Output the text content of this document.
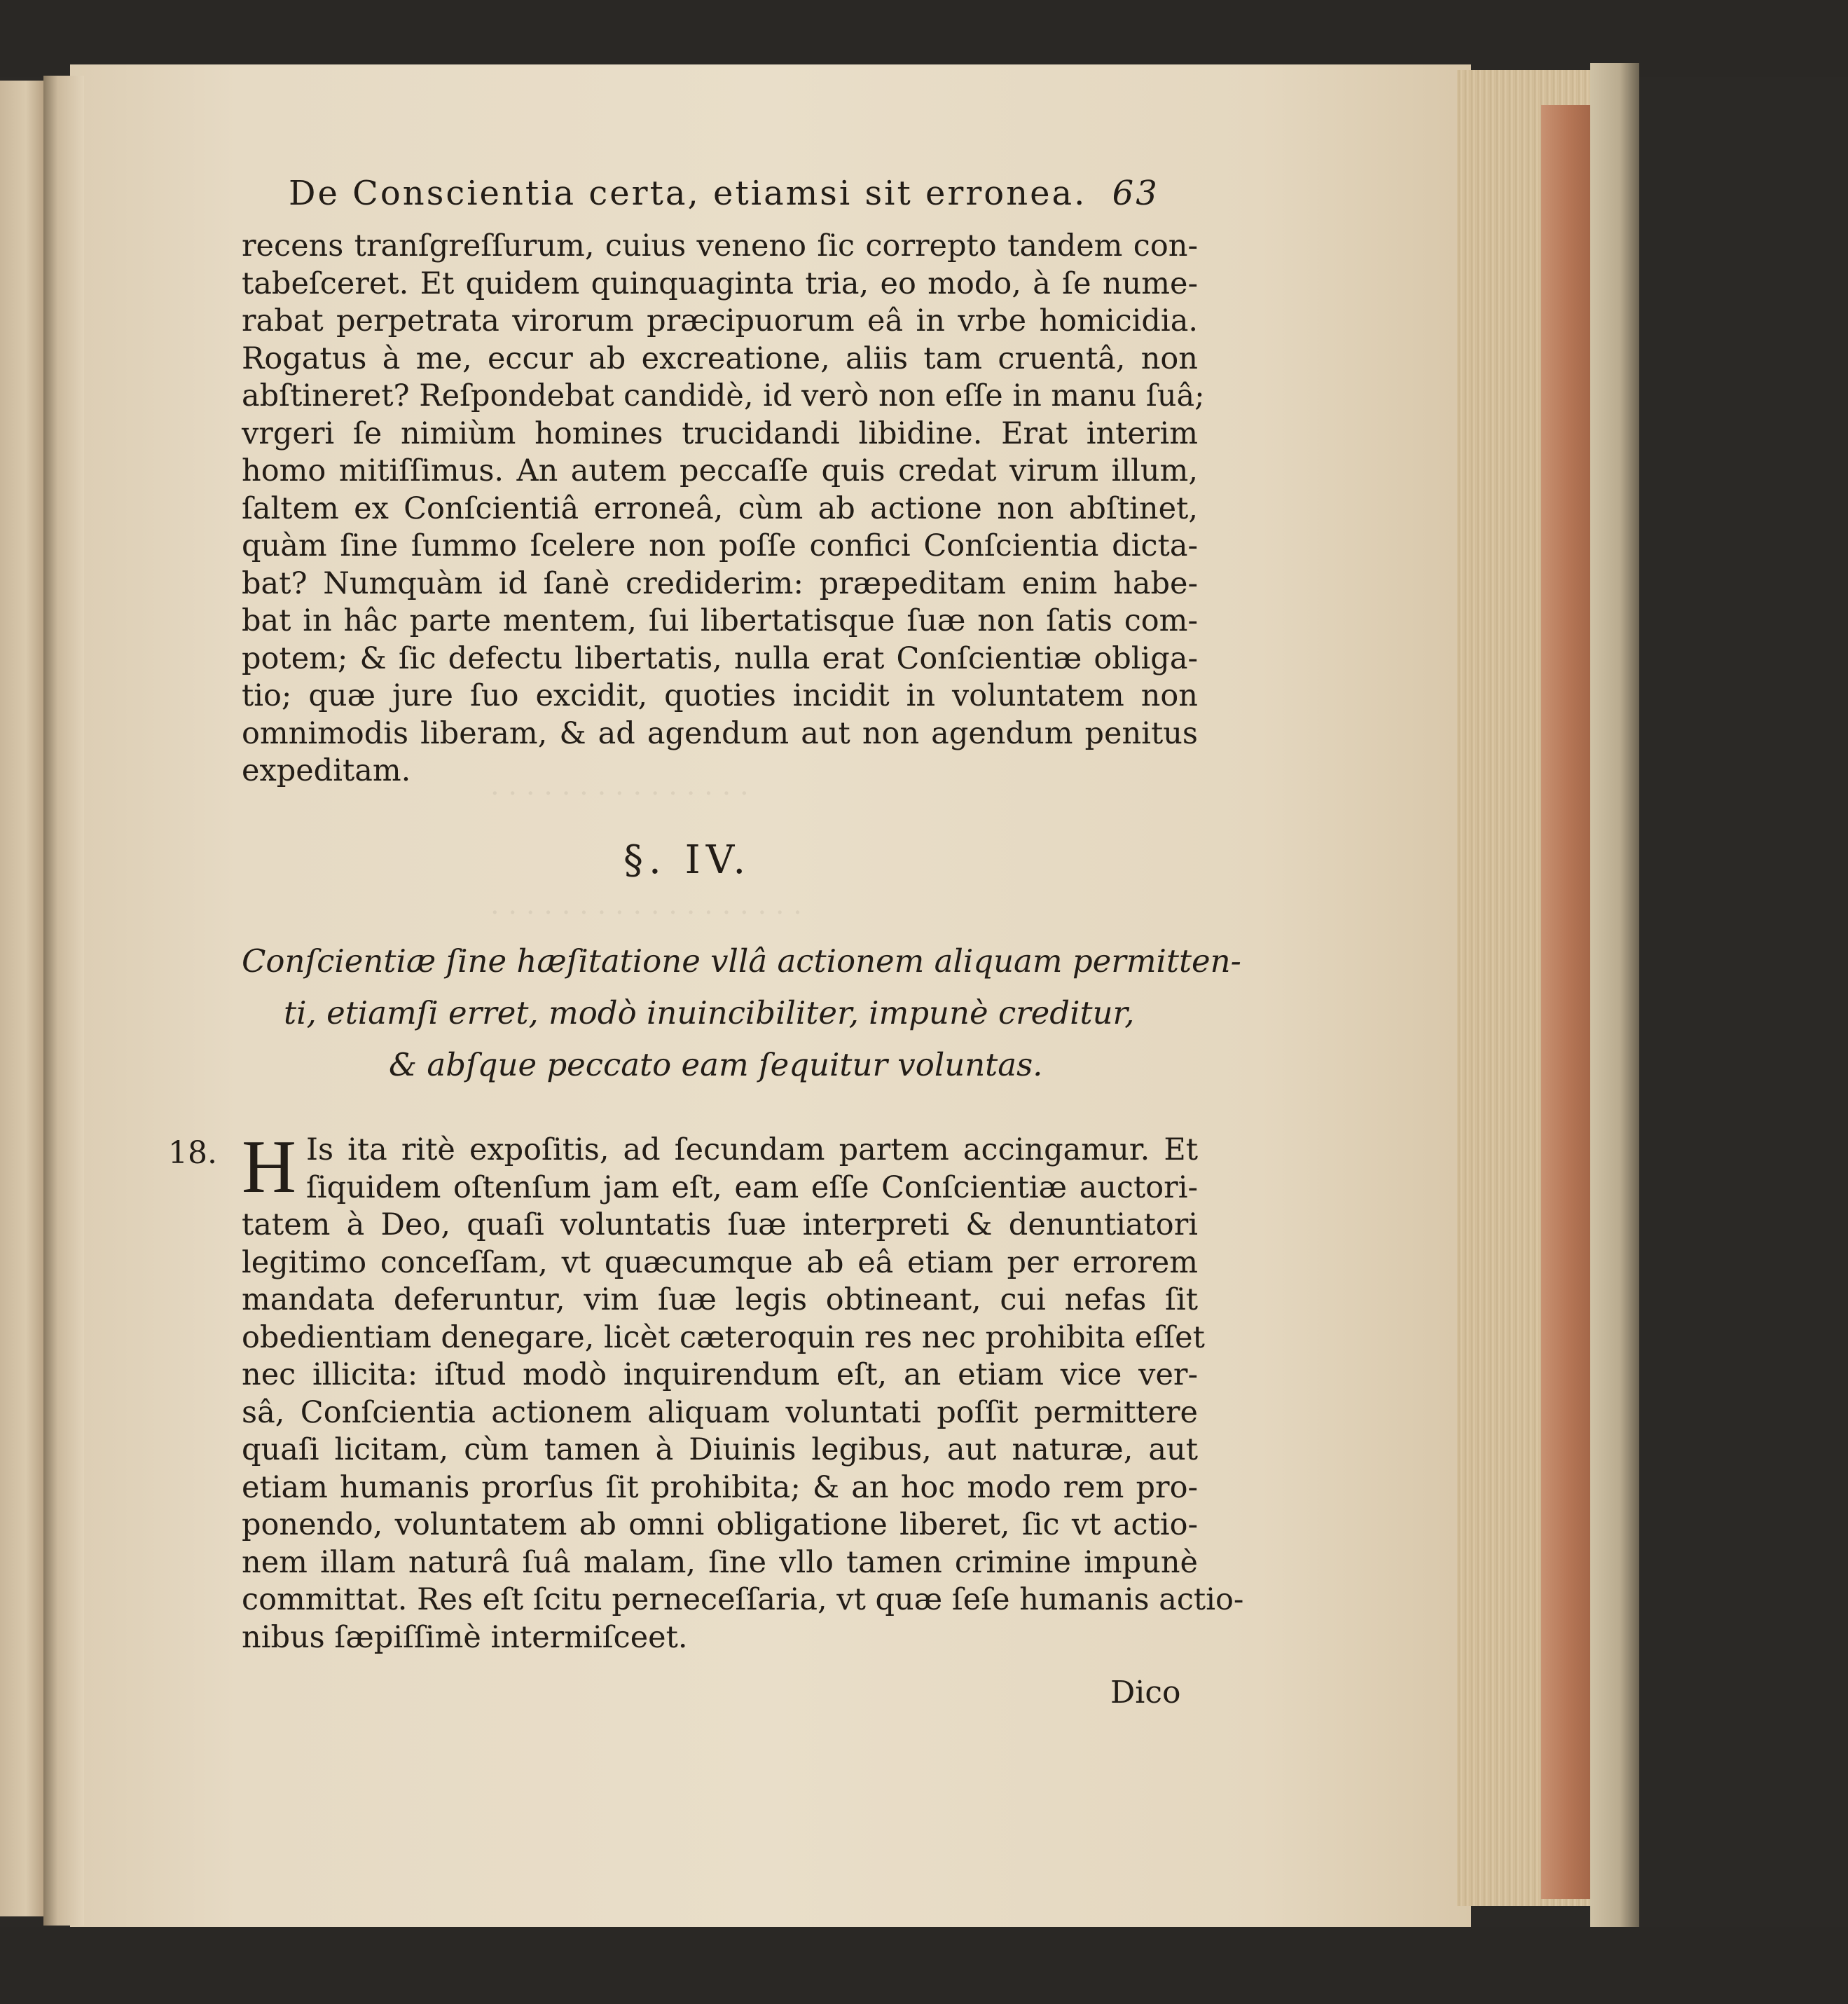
· · · · · · · · · · · · · · ·
· · · · · · · · · · · · · · · · · ·
De Conscientia certa, etiamsi sit erronea. 63
recens tranſgreſſurum, cuius veneno ſic correpto tandem con-
tabeſceret. Et quidem quinquaginta tria, eo modo, à ſe nume-
rabat perpetrata virorum præcipuorum eâ in vrbe homicidia.
Rogatus à me, eccur ab excreatione, aliis tam cruentâ, non
abſtineret? Reſpondebat candidè, id verò non eſſe in manu ſuâ;
vrgeri ſe nimiùm homines trucidandi libidine. Erat interim
homo mitiſſimus. An autem peccaſſe quis credat virum illum,
ſaltem ex Conſcientiâ erroneâ, cùm ab actione non abſtinet,
quàm ſine ſummo ſcelere non poſſe confici Conſcientia dicta-
bat? Numquàm id ſanè crediderim: præpeditam enim habe-
bat in hâc parte mentem, ſui libertatisque ſuæ non ſatis com-
potem; & ſic defectu libertatis, nulla erat Conſcientiæ obliga-
tio; quæ jure ſuo excidit, quoties incidit in voluntatem non
omnimodis liberam, & ad agendum aut non agendum penitus
expeditam.
§. IV.
Conſcientiæ ſine hæſitatione vllâ actionem aliquam permitten-
ti, etiamſi erret, modò inuincibiliter, impunè creditur,
& abſque peccato eam ſequitur voluntas.
18. H Is ita ritè expoſitis, ad ſecundam partem accingamur. Et
ſiquidem oſtenſum jam eſt, eam eſſe Conſcientiæ auctori-
tatem à Deo, quaſi voluntatis ſuæ interpreti & denuntiatori
legitimo conceſſam, vt quæcumque ab eâ etiam per errorem
mandata deferuntur, vim ſuæ legis obtineant, cui nefas ſit
obedientiam denegare, licèt cæteroquin res nec prohibita eſſet
nec illicita: iſtud modò inquirendum eſt, an etiam vice ver-
sâ, Conſcientia actionem aliquam voluntati poſſit permittere
quaſi licitam, cùm tamen à Diuinis legibus, aut naturæ, aut
etiam humanis prorſus ſit prohibita; & an hoc modo rem pro-
ponendo, voluntatem ab omni obligatione liberet, ſic vt actio-
nem illam naturâ ſuâ malam, ſine vllo tamen crimine impunè
committat. Res eſt ſcitu perneceſſaria, vt quæ ſeſe humanis actio-
nibus ſæpiſſimè intermiſceet.
Dico
